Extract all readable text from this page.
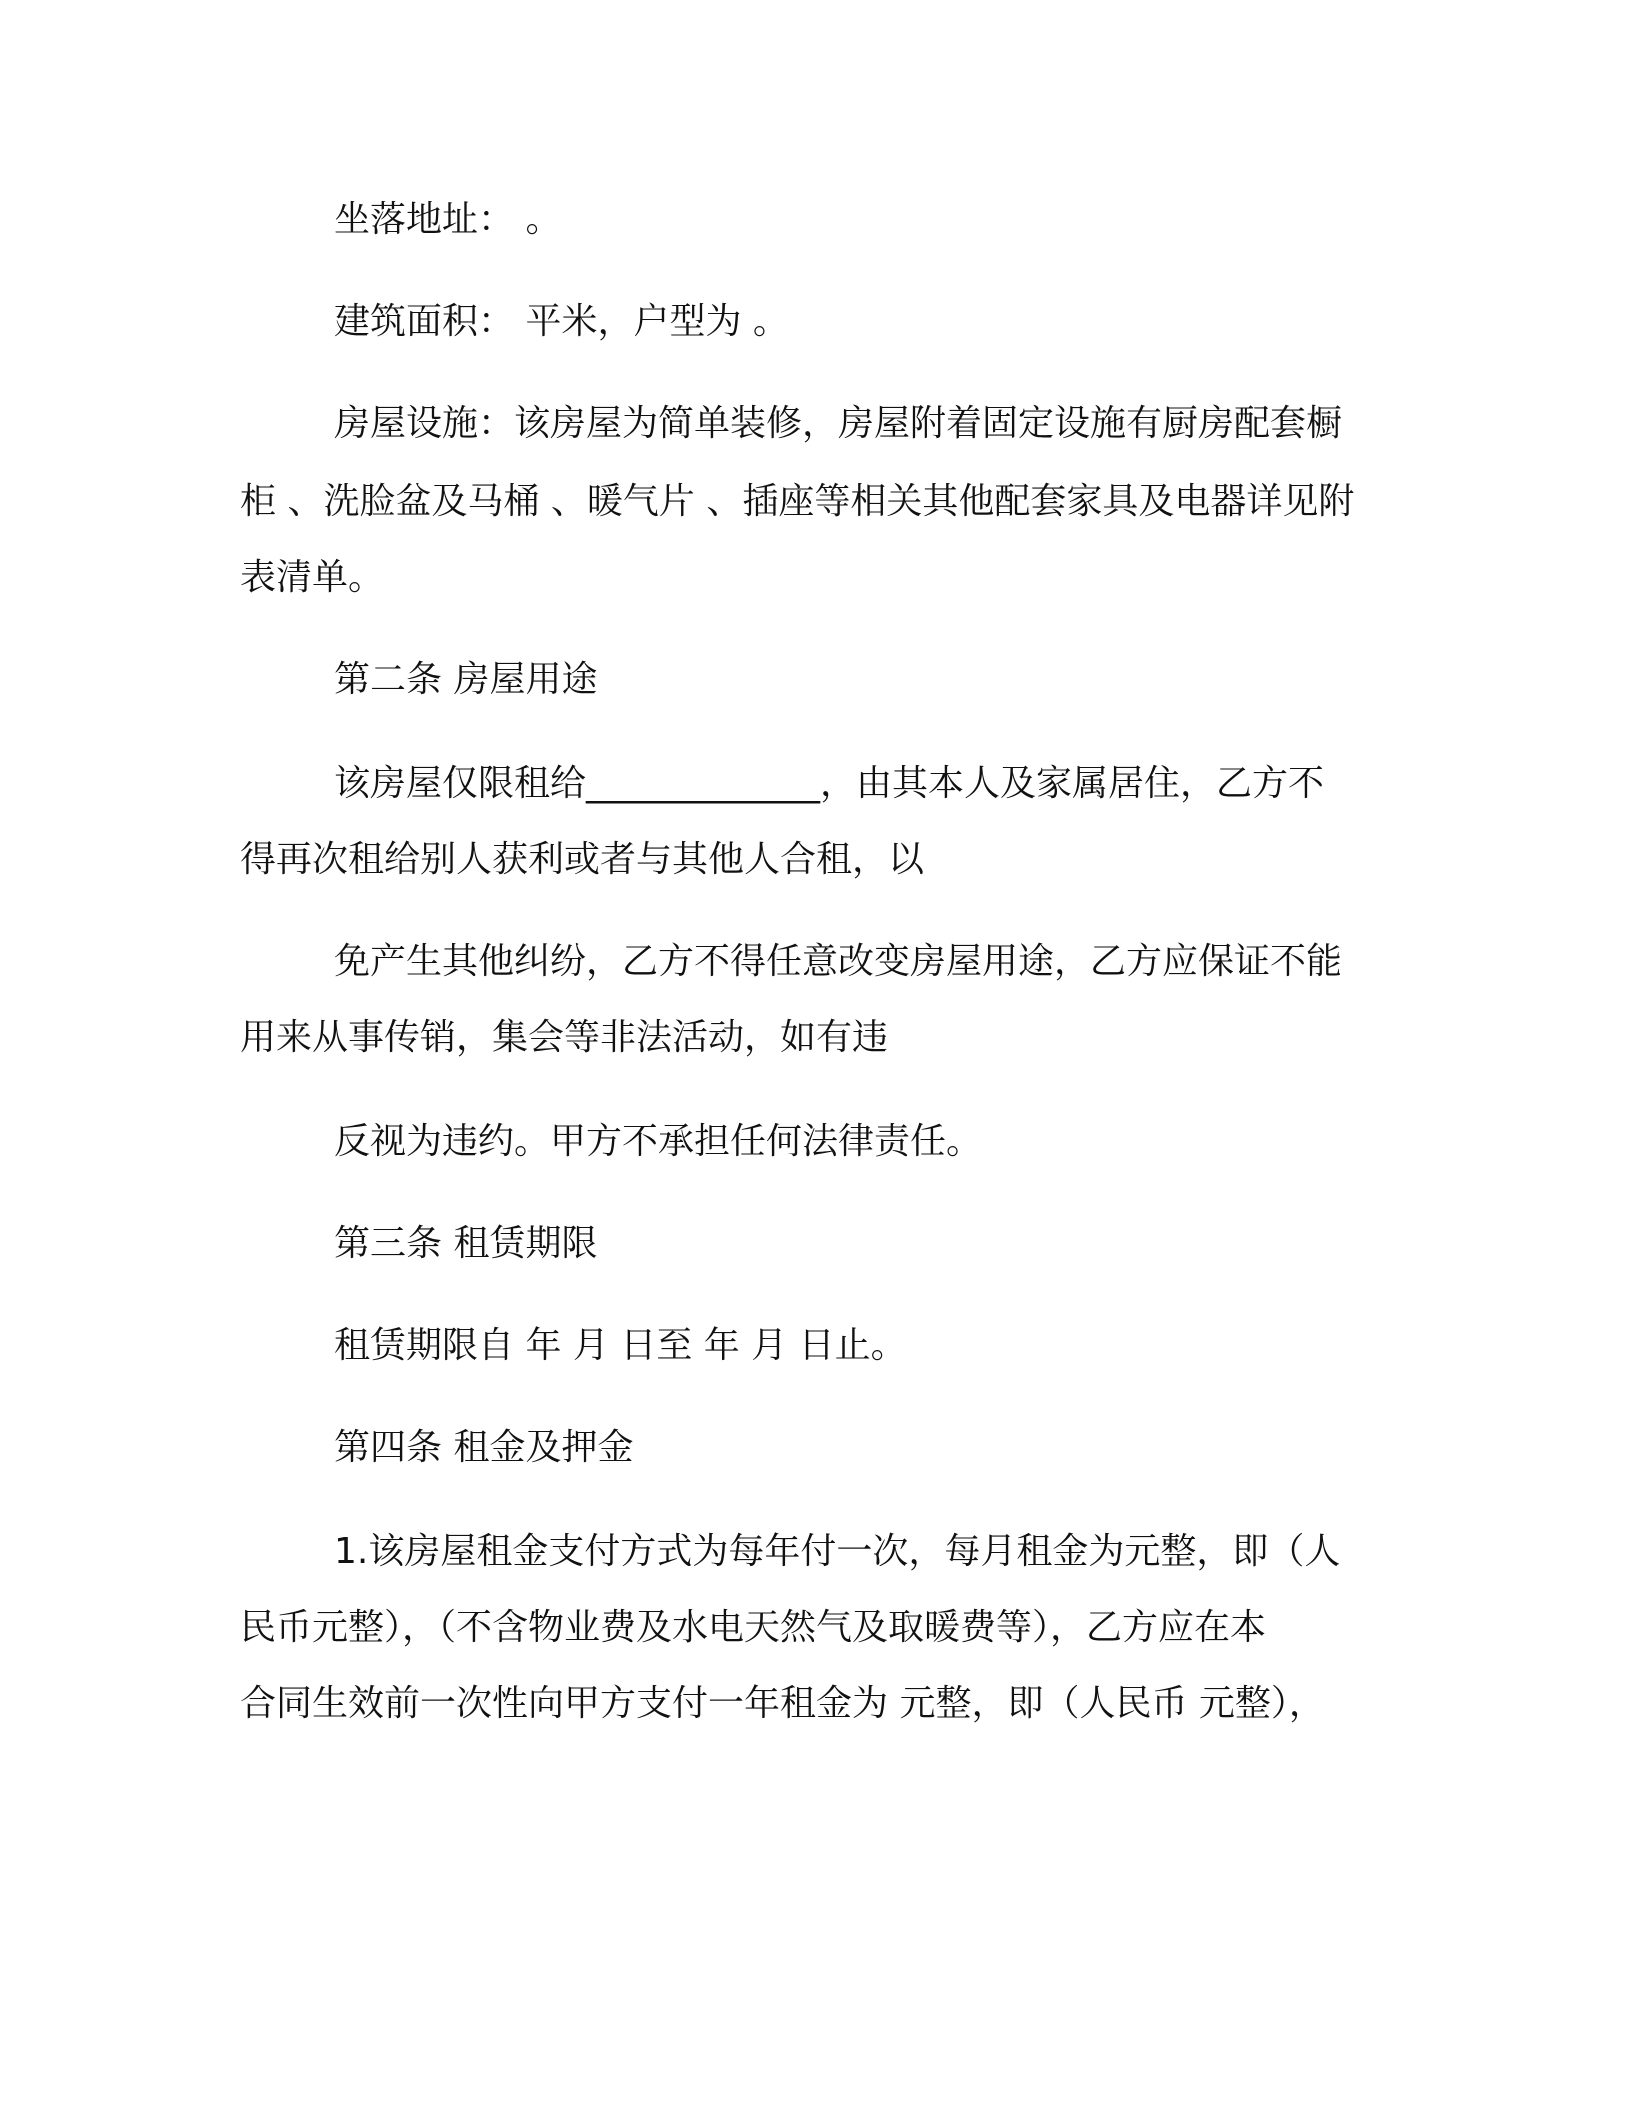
坐落地址： 。
建筑面积： 平米，户型为 。
房屋设施：该房屋为简单装修，房屋附着固定设施有厨房配套橱
柜 、洗脸盆及马桶 、暖气片 、插座等相关其他配套家具及电器详见附
表清单。
第二条 房屋用途
该房屋仅限租给_____________，由其本人及家属居住，乙方不
得再次租给别人获利或者与其他人合租，以
免产生其他纠纷，乙方不得任意改变房屋用途，乙方应保证不能
用来从事传销，集会等非法活动，如有违
反视为违约。甲方不承担任何法律责任。
第三条 租赁期限
租赁期限自 年 月 日至 年 月 日止。
第四条 租金及押金
1.该房屋租金支付方式为每年付一次，每月租金为元整，即（人
民币元整），（不含物业费及水电天然气及取暖费等），乙方应在本
合同生效前一次性向甲方支付一年租金为 元整，即（人民币 元整），
